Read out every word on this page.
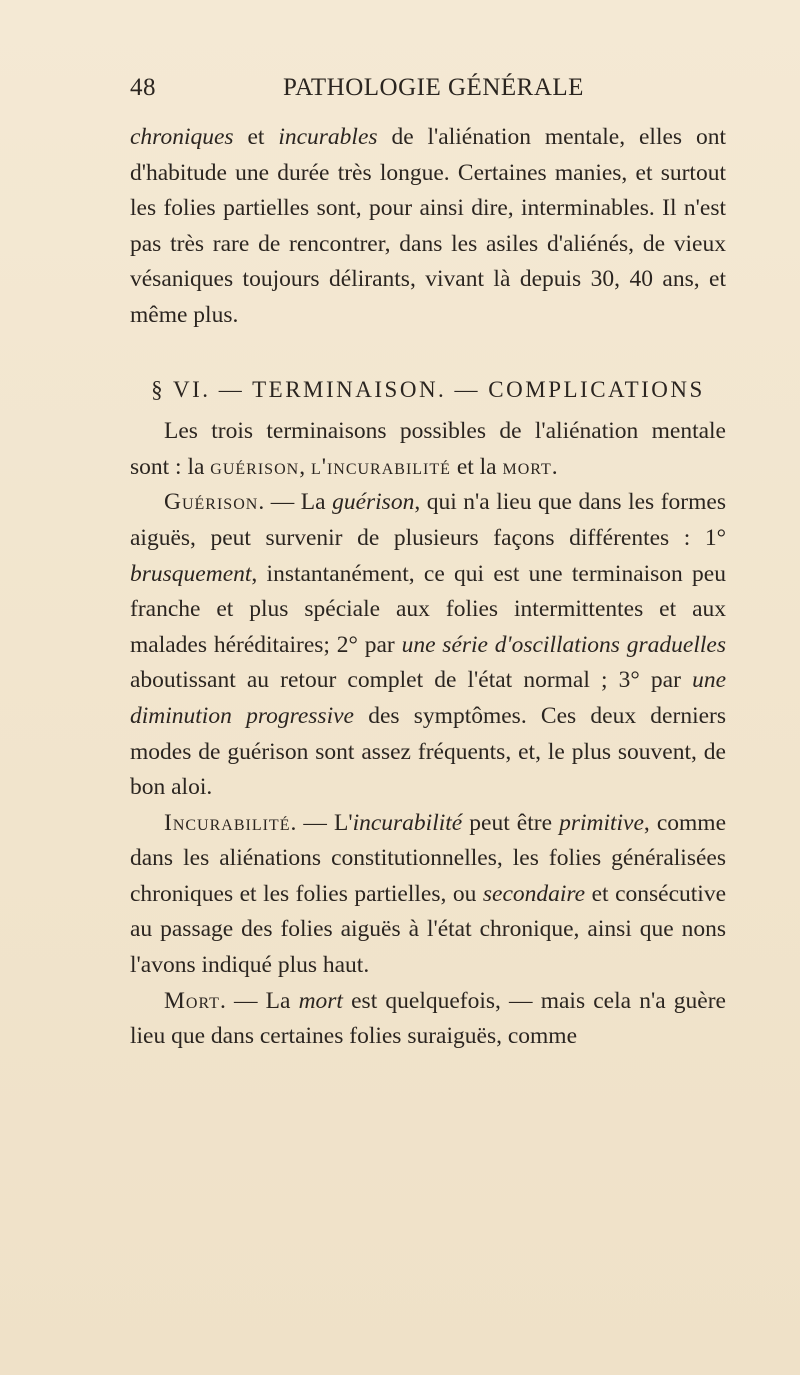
48	PATHOLOGIE GÉNÉRALE

chroniques et incurables de l'aliénation mentale, elles ont d'habitude une durée très longue. Certaines manies, et surtout les folies partielles sont, pour ainsi dire, interminables. Il n'est pas très rare de rencontrer, dans les asiles d'aliénés, de vieux vésaniques toujours délirants, vivant là depuis 30, 40 ans, et même plus.

§ VI. — TERMINAISON. — COMPLICATIONS

Les trois terminaisons possibles de l'aliénation mentale sont : la guérison, l'incurabilité et la mort.

Guérison. — La guérison, qui n'a lieu que dans les formes aiguës, peut survenir de plusieurs façons différentes : 1° brusquement, instantanément, ce qui est une terminaison peu franche et plus spéciale aux folies intermittentes et aux malades héréditaires; 2° par une série d'oscillations graduelles aboutissant au retour complet de l'état normal ; 3° par une diminution progressive des symptômes. Ces deux derniers modes de guérison sont assez fréquents, et, le plus souvent, de bon aloi.

Incurabilité. — L'incurabilité peut être primitive, comme dans les aliénations constitutionnelles, les folies généralisées chroniques et les folies partielles, ou secondaire et consécutive au passage des folies aiguës à l'état chronique, ainsi que nons l'avons indiqué plus haut.

Mort. — La mort est quelquefois, — mais cela n'a guère lieu que dans certaines folies suraiguës, comme
